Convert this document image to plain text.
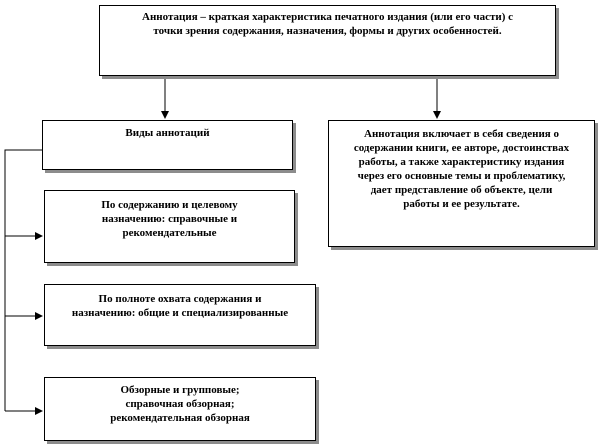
Аннотация – краткая характеристика печатного издания (или его части) с
точки зрения содержания, назначения, формы и других особенностей.
Виды аннотаций	Аннотация включает в себя сведения о
содержании книги, ее авторе, достоинствах
работы, а также характеристику издания
через его основные темы и проблематику,
дает представление об объекте, цели
работы и ее результате.
По содержанию и целевому
назначению: справочные и
рекомендательные
По полноте охвата содержания и
назначению: общие и специализированные
Обзорные и групповые;
справочная обзорная;
рекомендательная обзорная
